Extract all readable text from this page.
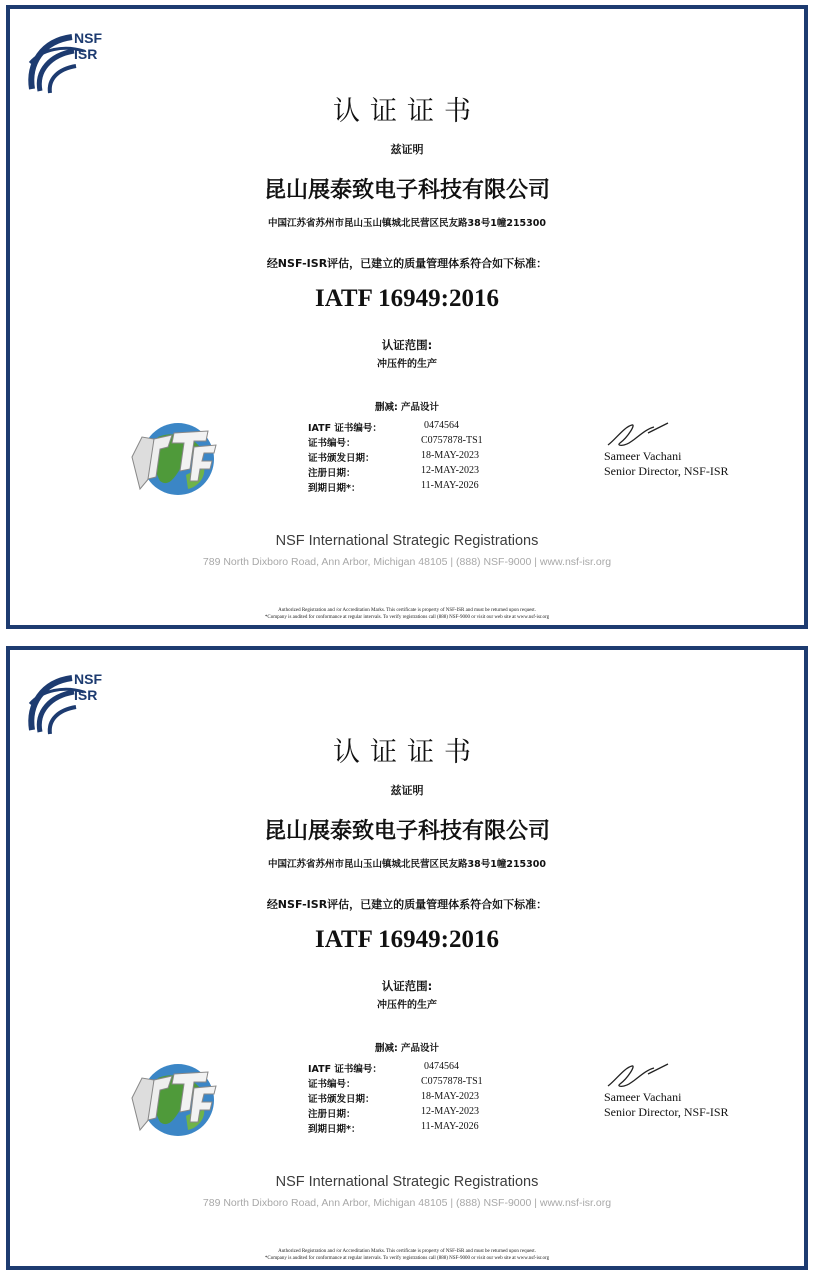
NSF
ISR
认证证书
兹证明
昆山展泰致电子科技有限公司
中国江苏省苏州市昆山玉山镇城北民营区民友路38号1幢215300
经NSF-ISR评估，已建立的质量管理体系符合如下标准：
IATF 16949:2016
认证范围:
冲压件的生产
删减: 产品设计
IATF 证书编号：	0474564
证书编号：	C0757878-TS1
证书颁发日期：	18-MAY-2023
注册日期：	12-MAY-2023
到期日期*：	11-MAY-2026
Sameer Vachani
Senior Director, NSF-ISR
NSF International Strategic Registrations
789 North Dixboro Road, Ann Arbor, Michigan 48105 | (888) NSF-9000 | www.nsf-isr.org
Authorized Registration and /or Accreditation Marks. This certificate is property of NSF-ISR and must be returned upon request.
*Company is audited for conformance at regular intervals. To verify registrations call (888) NSF-9000 or visit our web site at www.nsf-isr.org
NSF
ISR
认证证书
兹证明
昆山展泰致电子科技有限公司
中国江苏省苏州市昆山玉山镇城北民营区民友路38号1幢215300
经NSF-ISR评估，已建立的质量管理体系符合如下标准：
IATF 16949:2016
认证范围:
冲压件的生产
删减: 产品设计
IATF 证书编号：	0474564
证书编号：	C0757878-TS1
证书颁发日期：	18-MAY-2023
注册日期：	12-MAY-2023
到期日期*：	11-MAY-2026
Sameer Vachani
Senior Director, NSF-ISR
NSF International Strategic Registrations
789 North Dixboro Road, Ann Arbor, Michigan 48105 | (888) NSF-9000 | www.nsf-isr.org
Authorized Registration and /or Accreditation Marks. This certificate is property of NSF-ISR and must be returned upon request.
*Company is audited for conformance at regular intervals. To verify registrations call (888) NSF-9000 or visit our web site at www.nsf-isr.org
